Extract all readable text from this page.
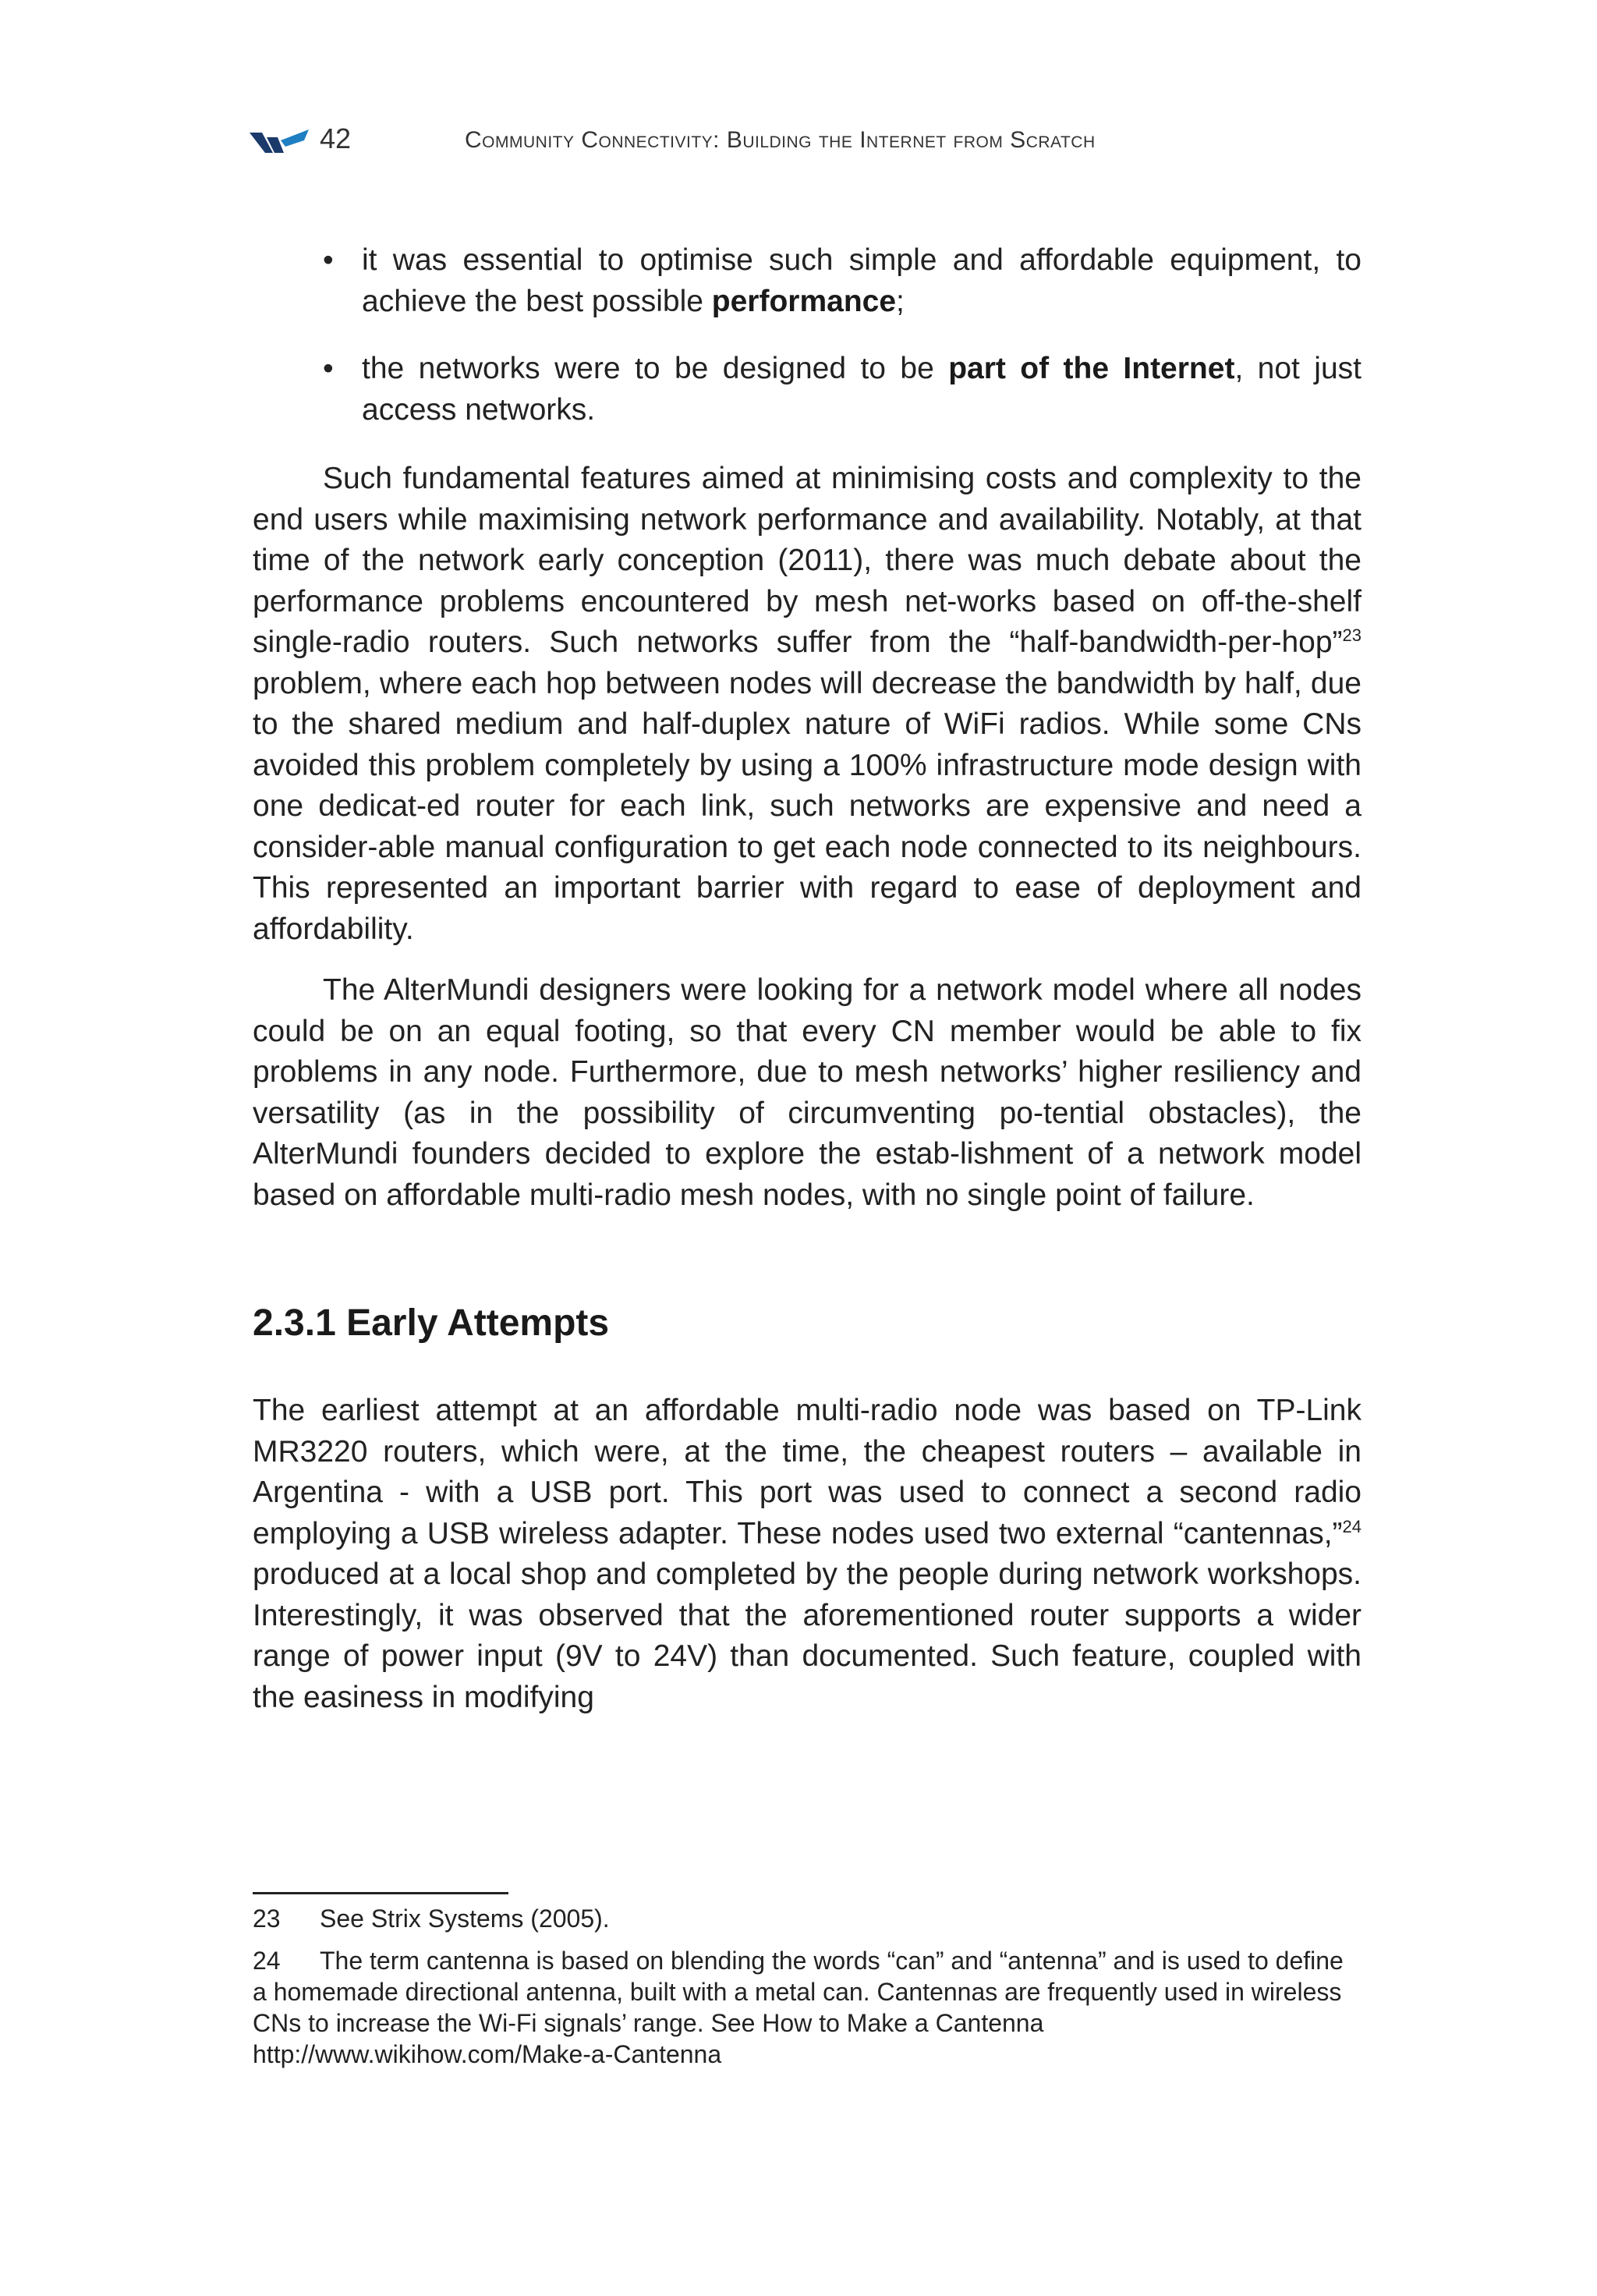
42	Community Connectivity: Building the Internet from Scratch
• it was essential to optimise such simple and affordable equipment, to achieve the best possible performance;
• the networks were to be designed to be part of the Internet, not just access networks.

Such fundamental features aimed at minimising costs and complexity to the end users while maximising network performance and availability. Notably, at that time of the network early conception (2011), there was much debate about the performance problems encountered by mesh net-works based on off-the-shelf single-radio routers. Such networks suffer from the “half-bandwidth-per-hop”$^{23}$ problem, where each hop between nodes will decrease the bandwidth by half, due to the shared medium and half-duplex nature of WiFi radios. While some CNs avoided this problem completely by using a 100% infrastructure mode design with one dedicat-ed router for each link, such networks are expensive and need a consider-able manual configuration to get each node connected to its neighbours. This represented an important barrier with regard to ease of deployment and affordability.

The AlterMundi designers were looking for a network model where all nodes could be on an equal footing, so that every CN member would be able to fix problems in any node. Furthermore, due to mesh networks’ higher resiliency and versatility (as in the possibility of circumventing po-tential obstacles), the AlterMundi founders decided to explore the estab-lishment of a network model based on affordable multi-radio mesh nodes, with no single point of failure.

2.3.1 Early Attempts

The earliest attempt at an affordable multi-radio node was based on TP-Link MR3220 routers, which were, at the time, the cheapest routers – available in Argentina - with a USB port. This port was used to connect a second radio employing a USB wireless adapter. These nodes used two external “cantennas,”$^{24}$ produced at a local shop and completed by the people during network workshops. Interestingly, it was observed that the aforementioned router supports a wider range of power input (9V to 24V) than documented. Such feature, coupled with the easiness in modifying

23 See Strix Systems (2005).

24 The term cantenna is based on blending the words “can” and “antenna” and is used to define a homemade directional antenna, built with a metal can. Cantennas are frequently used in wireless CNs to increase the Wi-Fi signals’ range. See How to Make a Cantenna http://www.wikihow.com/Make-a-Cantenna
